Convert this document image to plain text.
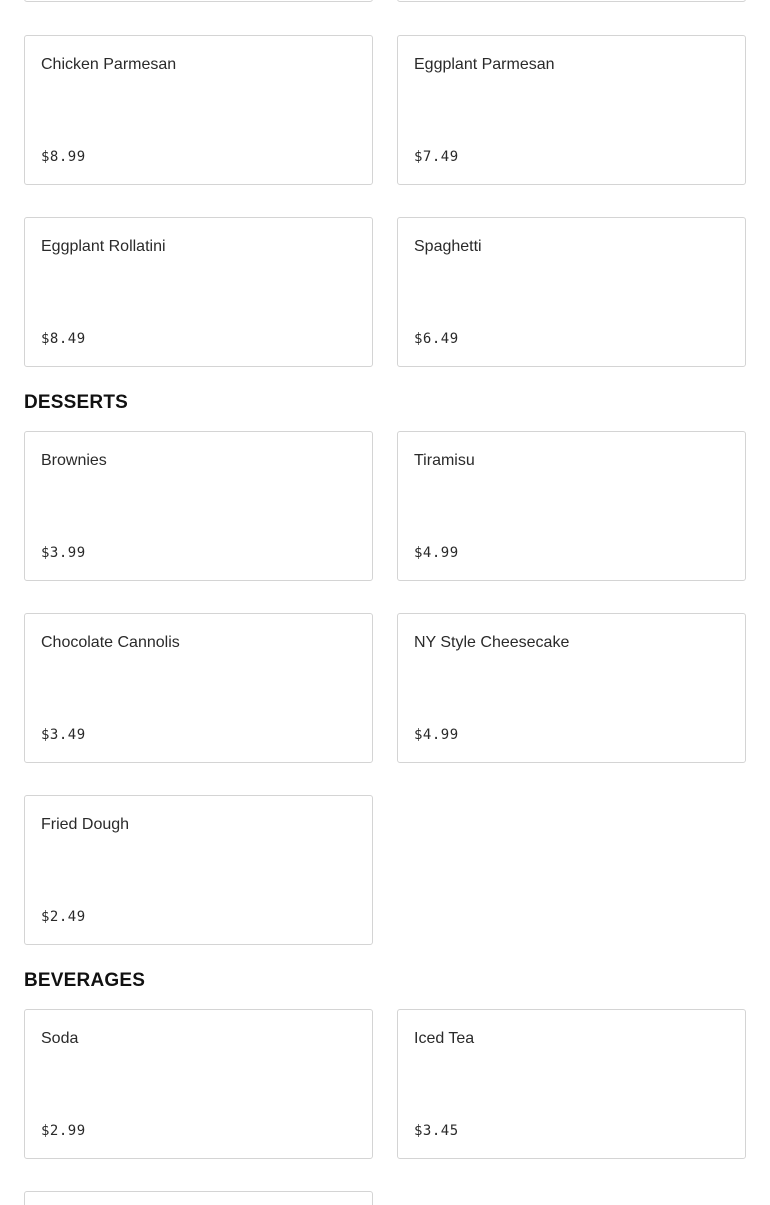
Chicken Parmesan
$8.99
Eggplant Parmesan
$7.49
Eggplant Rollatini
$8.49
Spaghetti
$6.49
DESSERTS
Brownies
$3.99
Tiramisu
$4.99
Chocolate Cannolis
$3.49
NY Style Cheesecake
$4.99
Fried Dough
$2.49
BEVERAGES
Soda
$2.99
Iced Tea
$3.45
